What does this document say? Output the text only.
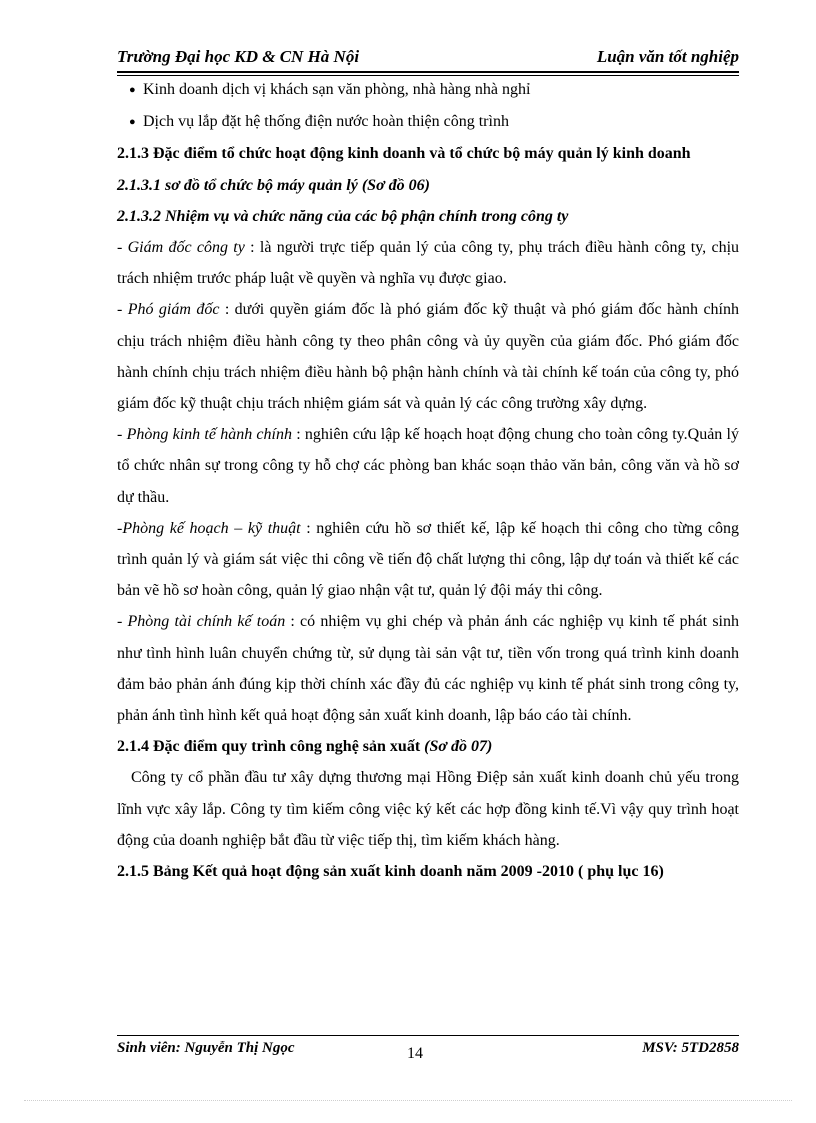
Trường Đại học KD & CN Hà Nội	Luận văn tốt nghiệp

● Kinh doanh dịch vị khách sạn văn phòng, nhà hàng nhà nghỉ

● Dịch vụ lắp đặt hệ thống điện nước hoàn thiện công trình

2.1.3 Đặc điểm tổ chức hoạt động kinh doanh và tổ chức bộ máy quản lý kinh doanh

2.1.3.1 sơ đồ tổ chức bộ máy quản lý (Sơ đồ 06)

2.1.3.2 Nhiệm vụ và chức năng của các bộ phận chính trong công ty

- Giám đốc công ty : là người trực tiếp quản lý của công ty, phụ trách điều hành công ty, chịu trách nhiệm trước pháp luật về quyền và nghĩa vụ được giao.

- Phó giám đốc : dưới quyền giám đốc là phó giám đốc kỹ thuật và phó giám đốc hành chính chịu trách nhiệm điều hành công ty theo phân công và ủy quyền của giám đốc. Phó giám đốc hành chính chịu trách nhiệm điều hành bộ phận hành chính và tài chính kế toán của công ty, phó giám đốc kỹ thuật chịu trách nhiệm giám sát và quản lý các công trường xây dựng.

- Phòng kinh tế hành chính : nghiên cứu lập kế hoạch hoạt động chung cho toàn công ty.Quản lý tổ chức nhân sự trong công ty hỗ chợ các phòng ban khác soạn thảo văn bản, công văn và hồ sơ dự thầu.

-Phòng kế hoạch – kỹ thuật : nghiên cứu hồ sơ thiết kế, lập kế hoạch thi công cho từng công trình quản lý và giám sát việc thi công về tiến độ chất lượng thi công, lập dự toán và thiết kế các bản vẽ hồ sơ hoàn công, quản lý giao nhận vật tư, quản lý đội máy thi công.

- Phòng tài chính kế toán : có nhiệm vụ ghi chép và phản ánh các nghiệp vụ kinh tế phát sinh như tình hình luân chuyển chứng từ, sử dụng tài sản vật tư, tiền vốn trong quá trình kinh doanh đảm bảo phản ánh đúng kịp thời chính xác đầy đủ các nghiệp vụ kinh tế phát sinh trong công ty, phản ánh tình hình kết quả hoạt động sản xuất kinh doanh, lập báo cáo tài chính.

2.1.4 Đặc điểm quy trình công nghệ sản xuất (Sơ đồ 07)

Công ty cổ phần đầu tư xây dựng thương mại Hồng Điệp sản xuất kinh doanh chủ yếu trong lĩnh vực xây lắp. Công ty tìm kiếm công việc ký kết các hợp đồng kinh tế.Vì vậy quy trình hoạt động của doanh nghiệp bắt đầu từ việc tiếp thị, tìm kiếm khách hàng.

2.1.5 Bảng Kết quả hoạt động sản xuất kinh doanh năm 2009 -2010 ( phụ lục 16)

Sinh viên: Nguyễn Thị Ngọc	14	MSV: 5TD2858
